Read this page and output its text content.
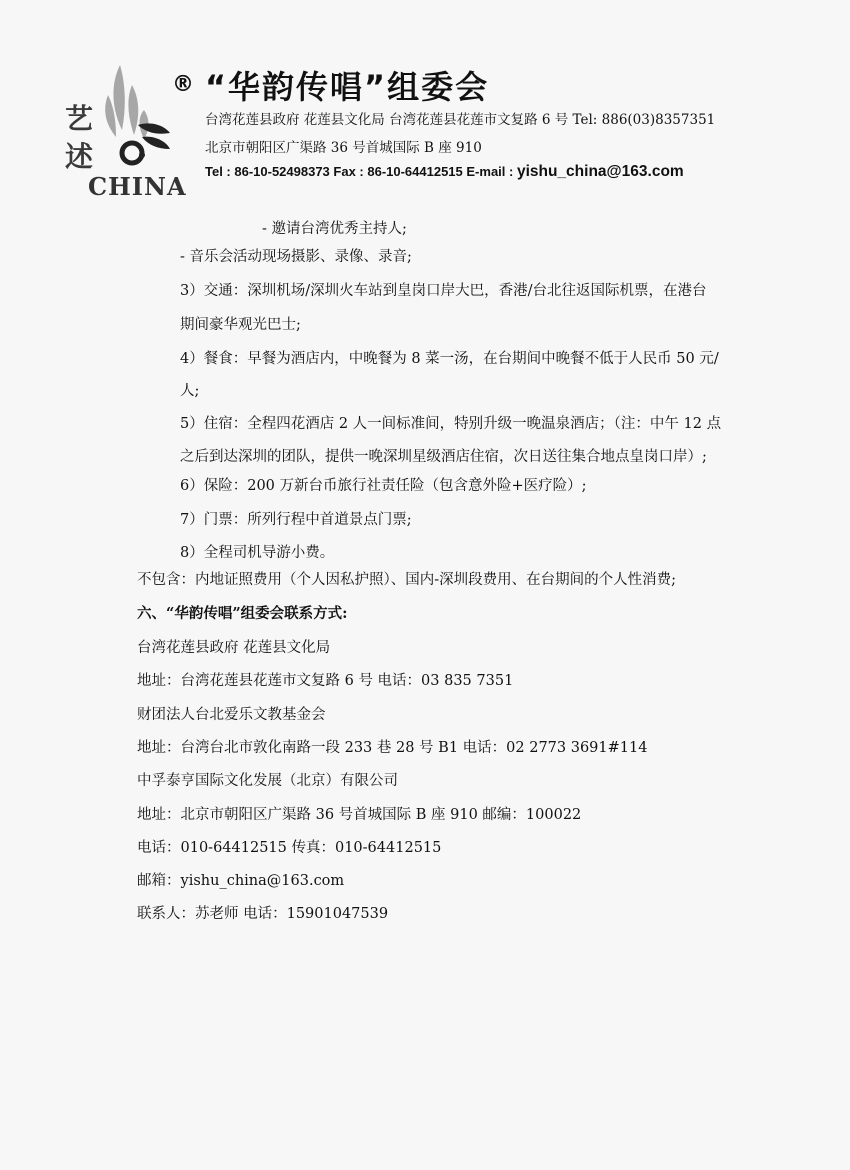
艺
述
CHINA
® “华韵传唱”组委会
台湾花莲县政府 花莲县文化局 台湾花莲县花莲市文复路 6 号 Tel: 886(03)8357351
北京市朝阳区广渠路 36 号首城国际 B 座 910
Tel : 86-10-52498373 Fax : 86-10-64412515 E-mail : yishu_china@163.com
- 邀请台湾优秀主持人;
- 音乐会活动现场摄影、录像、录音;
3）交通：深圳机场/深圳火车站到皇岗口岸大巴，香港/台北往返国际机票，在港台
期间豪华观光巴士;
4）餐食：早餐为酒店内，中晚餐为 8 菜一汤，在台期间中晚餐不低于人民币 50 元/
人;
5）住宿：全程四花酒店 2 人一间标准间，特别升级一晚温泉酒店；（注：中午 12 点
之后到达深圳的团队，提供一晚深圳星级酒店住宿，次日送往集合地点皇岗口岸）;
6）保险：200 万新台币旅行社责任险（包含意外险+医疗险）;
7）门票：所列行程中首道景点门票;
8）全程司机导游小费。
不包含：内地证照费用（个人因私护照）、国内-深圳段费用、在台期间的个人性消费;
六、“华韵传唱”组委会联系方式:
台湾花莲县政府 花莲县文化局
地址：台湾花莲县花莲市文复路 6 号 电话：03 835 7351
财团法人台北爱乐文教基金会
地址：台湾台北市敦化南路一段 233 巷 28 号 B1 电话：02 2773 3691#114
中孚泰亨国际文化发展（北京）有限公司
地址：北京市朝阳区广渠路 36 号首城国际 B 座 910 邮编：100022
电话：010-64412515 传真：010-64412515
邮箱：yishu_china@163.com
联系人：苏老师 电话：15901047539
